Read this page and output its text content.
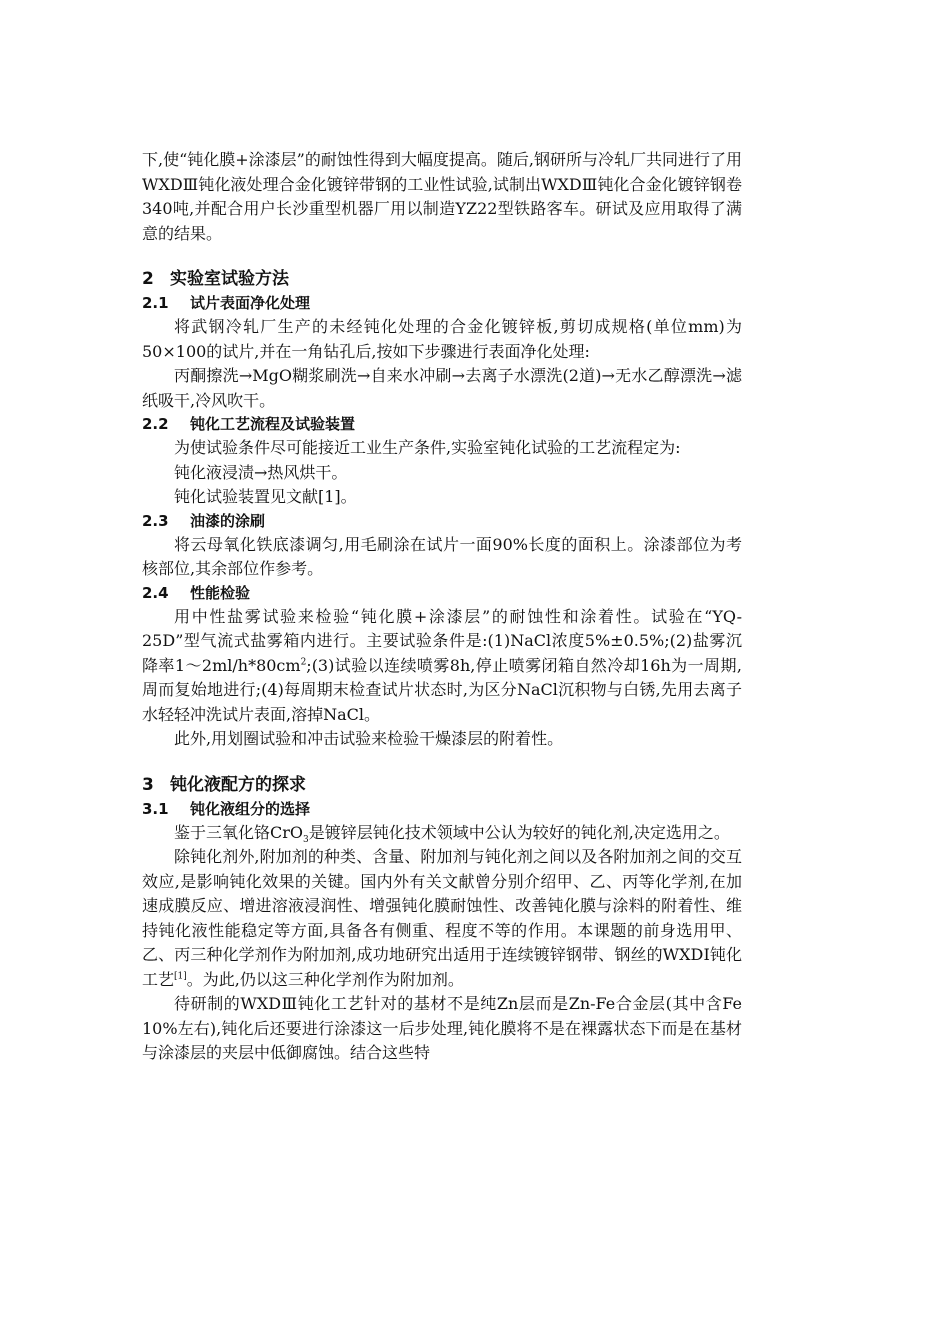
下,使“钝化膜+涂漆层”的耐蚀性得到大幅度提高。随后,钢研所与冷轧厂共同进行了用WXDⅢ钝化液处理合金化镀锌带钢的工业性试验,试制出WXDⅢ钝化合金化镀锌钢卷340吨,并配合用户长沙重型机器厂用以制造YZ22型铁路客车。研试及应用取得了满意的结果。

2 实验室试验方法
2.1 试片表面净化处理

将武钢冷轧厂生产的未经钝化处理的合金化镀锌板,剪切成规格(单位mm)为50×100的试片,并在一角钻孔后,按如下步骤进行表面净化处理:

丙酮擦洗→MgO糊浆刷洗→自来水冲刷→去离子水漂洗(2道)→无水乙醇漂洗→滤纸吸干,冷风吹干。

2.2 钝化工艺流程及试验装置

为使试验条件尽可能接近工业生产条件,实验室钝化试验的工艺流程定为:

钝化液浸渍→热风烘干。

钝化试验装置见文献[1]。

2.3 油漆的涂刷

将云母氧化铁底漆调匀,用毛刷涂在试片一面90%长度的面积上。涂漆部位为考核部位,其余部位作参考。

2.4 性能检验

用中性盐雾试验来检验“钝化膜+涂漆层”的耐蚀性和涂着性。试验在“YQ-25D”型气流式盐雾箱内进行。主要试验条件是:(1)NaCl浓度5%±0.5%;(2)盐雾沉降率$1\sim 2ml/h*80cm^2;(3)$试验以连续喷雾8h,停止喷雾闭箱自然冷却16h为一周期,周而复始地进行;(4)每周期末检查试片状态时,为区分NaCl沉积物与白锈,先用去离子水轻轻冲洗试片表面,溶掉NaCl。

此外,用划圈试验和冲击试验来检验干燥漆层的附着性。

3 钝化液配方的探求
3.1 钝化液组分的选择

鉴于三氧化铬CrO$_3$是镀锌层钝化技术领域中公认为较好的钝化剂,决定选用之。

除钝化剂外,附加剂的种类、含量、附加剂与钝化剂之间以及各附加剂之间的交互效应,是影响钝化效果的关键。国内外有关文献曾分别介绍甲、乙、丙等化学剂,在加速成膜反应、增进溶液浸润性、增强钝化膜耐蚀性、改善钝化膜与涂料的附着性、维持钝化液性能稳定等方面,具备各有侧重、程度不等的作用。本课题的前身选用甲、乙、丙三种化学剂作为附加剂,成功地研究出适用于连续镀锌钢带、钢丝的WXDⅠ钝化工艺[1]。为此,仍以这三种化学剂作为附加剂。

待研制的WXDⅢ钝化工艺针对的基材不是纯Zn层而是Zn-Fe合金层(其中含Fe 10%左右),钝化后还要进行涂漆这一后步处理,钝化膜将不是在裸露状态下而是在基材与涂漆层的夹层中低御腐蚀。结合这些特
